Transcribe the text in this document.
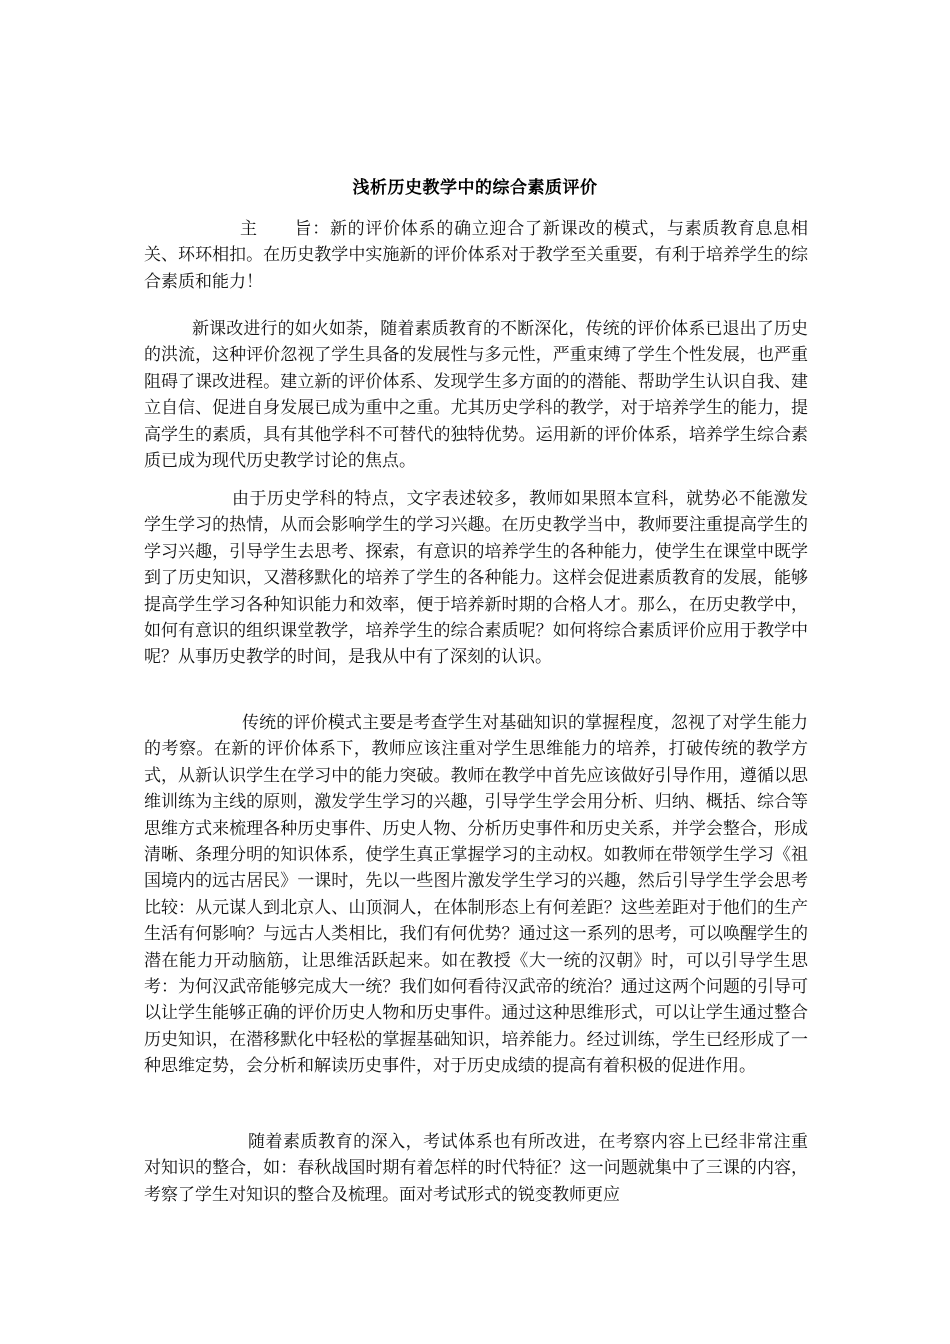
浅析历史教学中的综合素质评价

主 旨：新的评价体系的确立迎合了新课改的模式，与素质教育息息相关、环环相扣。在历史教学中实施新的评价体系对于教学至关重要，有利于培养学生的综合素质和能力！

新课改进行的如火如荼，随着素质教育的不断深化，传统的评价体系已退出了历史的洪流，这种评价忽视了学生具备的发展性与多元性，严重束缚了学生个性发展，也严重阻碍了课改进程。建立新的评价体系、发现学生多方面的的潜能、帮助学生认识自我、建立自信、促进自身发展已成为重中之重。尤其历史学科的教学，对于培养学生的能力，提高学生的素质，具有其他学科不可替代的独特优势。运用新的评价体系，培养学生综合素质已成为现代历史教学讨论的焦点。

由于历史学科的特点，文字表述较多，教师如果照本宣科，就势必不能激发学生学习的热情，从而会影响学生的学习兴趣。在历史教学当中，教师要注重提高学生的学习兴趣，引导学生去思考、探索，有意识的培养学生的各种能力，使学生在课堂中既学到了历史知识，又潜移默化的培养了学生的各种能力。这样会促进素质教育的发展，能够提高学生学习各种知识能力和效率，便于培养新时期的合格人才。那么，在历史教学中，如何有意识的组织课堂教学，培养学生的综合素质呢？如何将综合素质评价应用于教学中呢？从事历史教学的时间，是我从中有了深刻的认识。

传统的评价模式主要是考查学生对基础知识的掌握程度，忽视了对学生能力的考察。在新的评价体系下，教师应该注重对学生思维能力的培养，打破传统的教学方式，从新认识学生在学习中的能力突破。教师在教学中首先应该做好引导作用，遵循以思维训练为主线的原则，激发学生学习的兴趣，引导学生学会用分析、归纳、概括、综合等思维方式来梳理各种历史事件、历史人物、分析历史事件和历史关系，并学会整合，形成清晰、条理分明的知识体系，使学生真正掌握学习的主动权。如教师在带领学生学习《祖国境内的远古居民》一课时，先以一些图片激发学生学习的兴趣，然后引导学生学会思考比较：从元谋人到北京人、山顶洞人，在体制形态上有何差距？这些差距对于他们的生产生活有何影响？与远古人类相比，我们有何优势？通过这一系列的思考，可以唤醒学生的潜在能力开动脑筋，让思维活跃起来。如在教授《大一统的汉朝》时，可以引导学生思考：为何汉武帝能够完成大一统？我们如何看待汉武帝的统治？通过这两个问题的引导可以让学生能够正确的评价历史人物和历史事件。通过这种思维形式，可以让学生通过整合历史知识，在潜移默化中轻松的掌握基础知识，培养能力。经过训练，学生已经形成了一种思维定势，会分析和解读历史事件，对于历史成绩的提高有着积极的促进作用。

随着素质教育的深入，考试体系也有所改进，在考察内容上已经非常注重对知识的整合，如：春秋战国时期有着怎样的时代特征？这一问题就集中了三课的内容，考察了学生对知识的整合及梳理。面对考试形式的锐变教师更应
